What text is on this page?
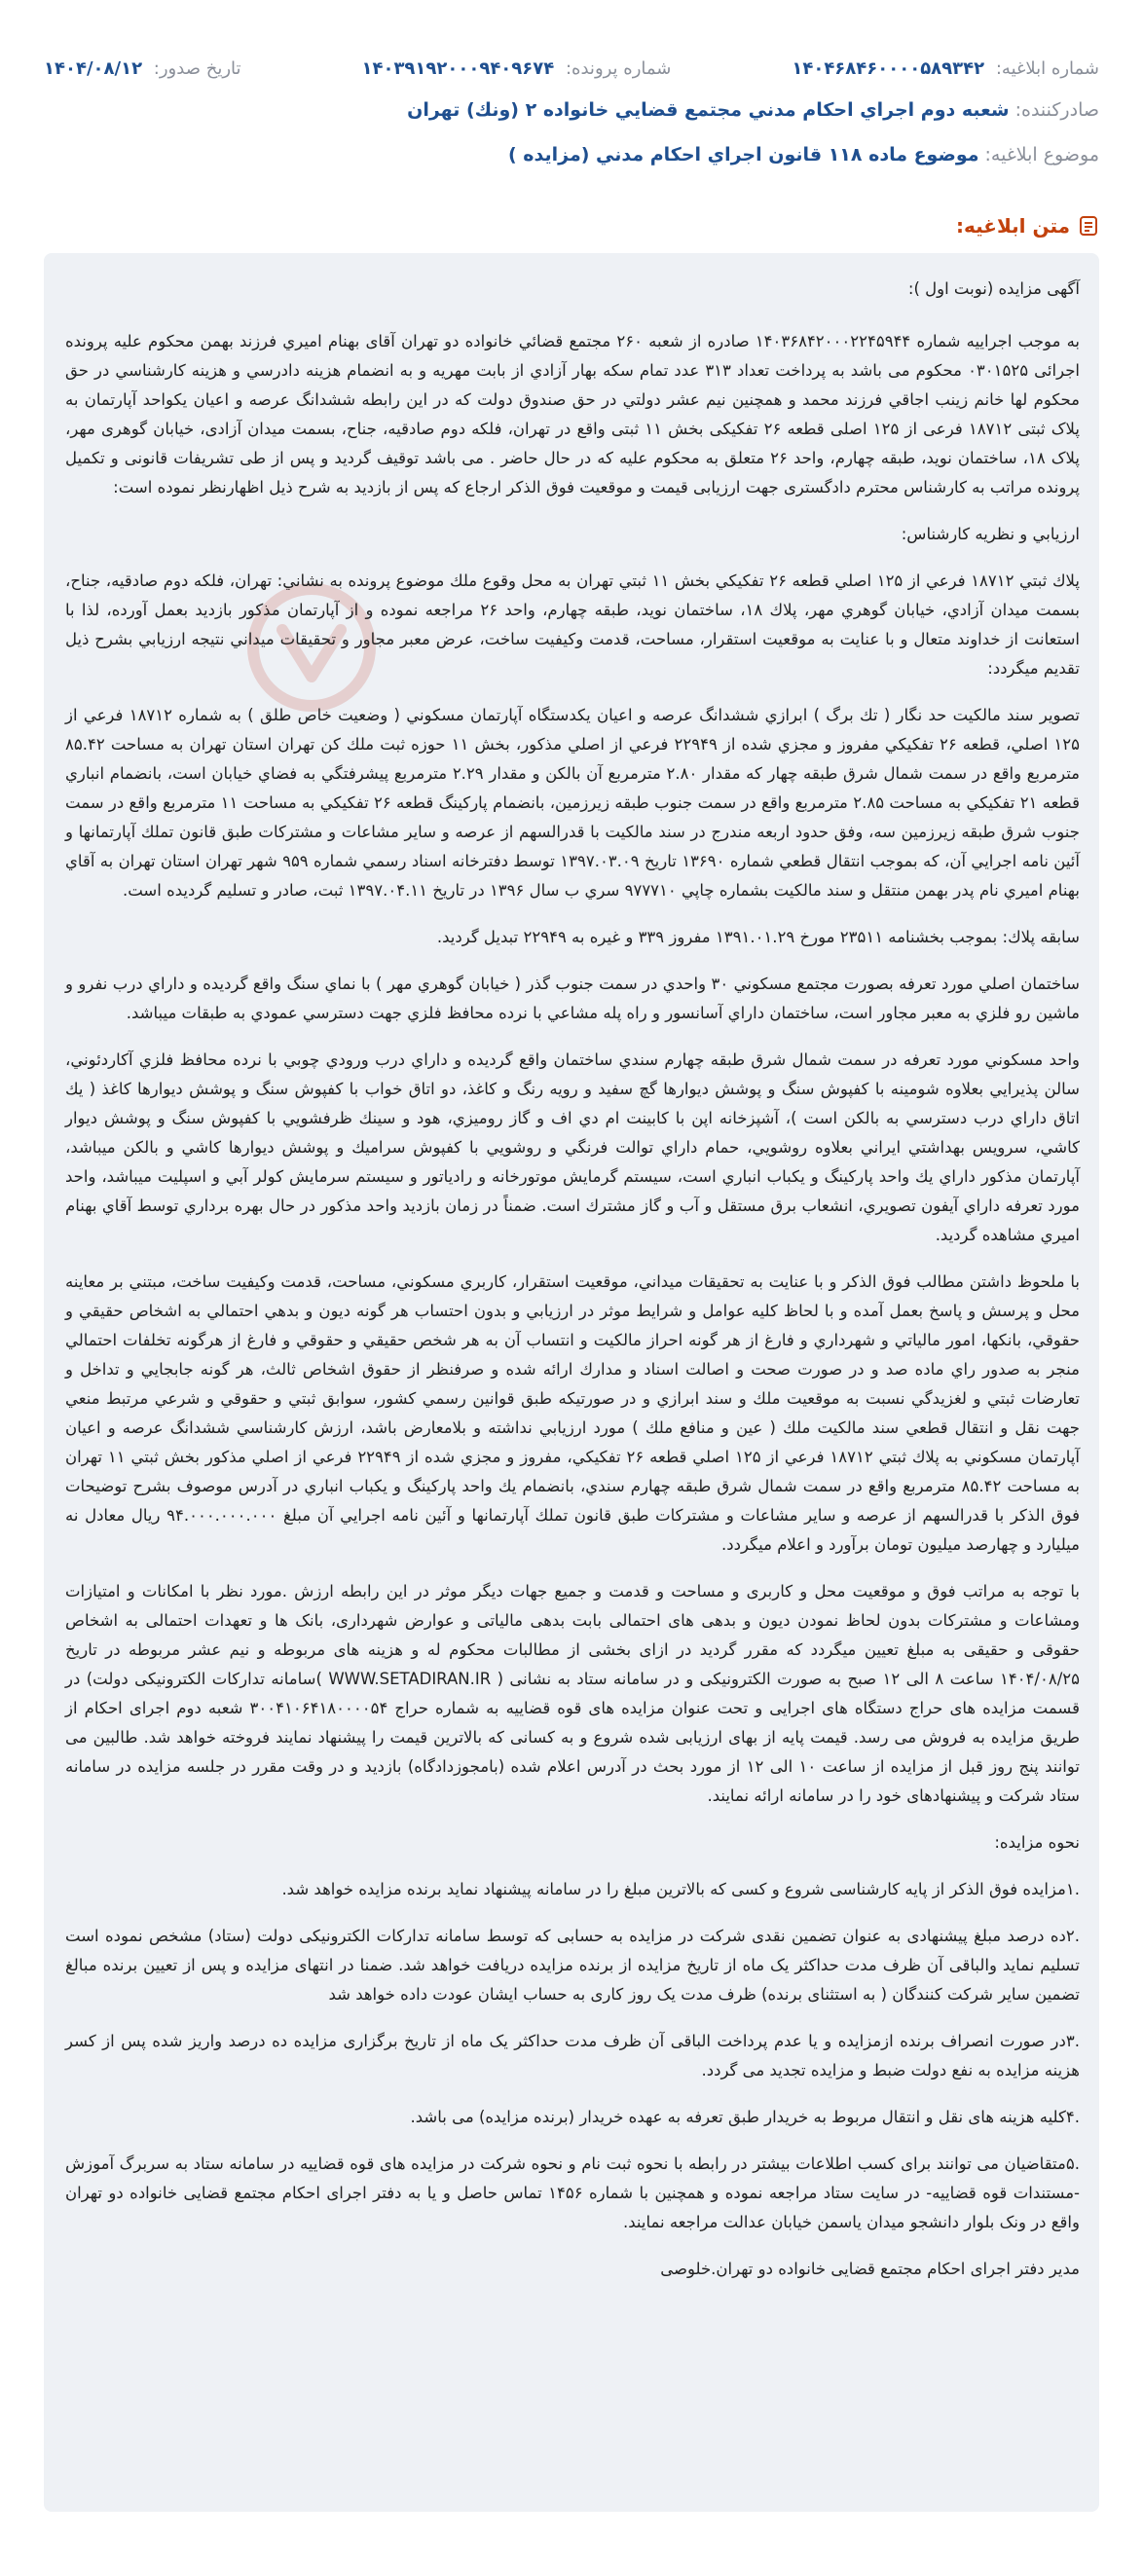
شماره ابلاغیه: ۱۴۰۴۶۸۴۶۰۰۰۰۵۸۹۳۴۲
شماره پرونده: ۱۴۰۳۹۱۹۲۰۰۰۹۴۰۹۶۷۴
تاریخ صدور: ۱۴۰۴/۰۸/۱۲
صادرکننده:
شعبه دوم اجراي احكام مدني مجتمع قضايي خانواده ۲ (ونك) تهران
موضوع ابلاغیه:
موضوع ماده ۱۱۸ قانون اجراي احكام مدني (مزايده )
متن ابلاغیه:

آگهی مزایده (نوبت اول ):

به موجب اجراییه شماره ۱۴۰۳۶۸۴۲۰۰۰۲۲۴۵۹۴۴ صادره از شعبه ۲۶۰ مجتمع قضائي خانواده دو تهران آقای بهنام امیري فرزند بهمن محکوم علیه پرونده اجرائی ۰۳۰۱۵۲۵ محکوم می باشد به پرداخت تعداد ۳۱۳ عدد تمام سکه بهار آزادي از بابت مهريه و به انضمام هزينه دادرسي و هزينه كارشناسي در حق محكوم لها خانم زينب اجاقي فرزند محمد و همچنين نيم عشر دولتي در حق صندوق دولت كه در اين رابطه ششدانگ عرصه و اعیان یکواحد آپارتمان به پلاک ثبتی ۱۸۷۱۲ فرعی از ۱۲۵ اصلی قطعه ۲۶ تفکیکی بخش ۱۱ ثبتی واقع در تهران، فلکه دوم صادقیه، جناح، بسمت میدان آزادی، خیابان گوهری مهر، پلاک ۱۸، ساختمان نوید، طبقه چهارم، واحد ۲۶ متعلق به محکوم علیه که در حال حاضر . می باشد توقیف گردید و پس از طی تشریفات قانونی و تکمیل پرونده مراتب به کارشناس محترم دادگستری جهت ارزیابی قیمت و موقعیت فوق الذکر ارجاع که پس از بازدید به شرح ذیل اظهارنظر نموده است:

ارزيابي و نظريه كارشناس:

پلاك ثبتي ۱۸۷۱۲ فرعي از ۱۲۵ اصلي قطعه ۲۶ تفكيكي بخش ۱۱ ثبتي تهران به محل وقوع ملك موضوع پرونده به نشاني: تهران، فلكه دوم صادقيه، جناح، بسمت ميدان آزادي، خيابان گوهري مهر، پلاك ۱۸، ساختمان نويد، طبقه چهارم، واحد ۲۶ مراجعه نموده و از آپارتمان مذكور بازديد بعمل آورده، لذا با استعانت از خداوند متعال و با عنايت به موقعيت استقرار، مساحت، قدمت وكيفيت ساخت، عرض معبر مجاور و تحقيقات ميداني نتيجه ارزيابي بشرح ذيل تقديم ميگردد:

تصوير سند مالكيت حد نگار ( تك برگ ) ابرازي ششدانگ عرصه و اعيان يكدستگاه آپارتمان مسكوني ( وضعيت خاص طلق ) به شماره ۱۸۷۱۲ فرعي از ۱۲۵ اصلي، قطعه ۲۶ تفكيكي مفروز و مجزي شده از ۲۲۹۴۹ فرعي از اصلي مذكور، بخش ۱۱ حوزه ثبت ملك كن تهران استان تهران به مساحت ۸۵.۴۲ مترمربع واقع در سمت شمال شرق طبقه چهار كه مقدار ۲.۸۰ مترمربع آن بالكن و مقدار ۲.۲۹ مترمربع پيشرفتگي به فضاي خيابان است، بانضمام انباري قطعه ۲۱ تفكيكي به مساحت ۲.۸۵ مترمربع واقع در سمت جنوب طبقه زيرزمين، بانضمام پاركينگ قطعه ۲۶ تفكيكي به مساحت ۱۱ مترمربع واقع در سمت جنوب شرق طبقه زيرزمين سه، وفق حدود اربعه مندرج در سند مالكيت با قدرالسهم از عرصه و ساير مشاعات و مشتركات طبق قانون تملك آپارتمانها و آئين نامه اجرايي آن، كه بموجب انتقال قطعي شماره ۱۳۶۹۰ تاريخ ۱۳۹۷.۰۳.۰۹ توسط دفترخانه اسناد رسمي شماره ۹۵۹ شهر تهران استان تهران به آقاي بهنام اميري نام پدر بهمن منتقل و سند مالكيت بشماره چاپي ۹۷۷۷۱۰ سري ب سال ۱۳۹۶ در تاريخ ۱۳۹۷.۰۴.۱۱ ثبت، صادر و تسليم گرديده است.

سابقه پلاك: بموجب بخشنامه ۲۳۵۱۱ مورخ ۱۳۹۱.۰۱.۲۹ مفروز ۳۳۹ و غيره به ۲۲۹۴۹ تبديل گرديد.

ساختمان اصلي مورد تعرفه بصورت مجتمع مسكوني ۳۰ واحدي در سمت جنوب گذر ( خيابان گوهري مهر ) با نماي سنگ واقع گرديده و داراي درب نفرو و ماشين رو فلزي به معبر مجاور است، ساختمان داراي آسانسور و راه پله مشاعي با نرده محافظ فلزي جهت دسترسي عمودي به طبقات ميباشد.

واحد مسكوني مورد تعرفه در سمت شمال شرق طبقه چهارم سندي ساختمان واقع گرديده و داراي درب ورودي چوبي با نرده محافظ فلزي آكاردئوني، سالن پذيرايي بعلاوه شومينه با كفپوش سنگ و پوشش ديوارها گچ سفيد و رويه رنگ و كاغذ، دو اتاق خواب با كفپوش سنگ و پوشش ديوارها كاغذ ( يك اتاق داراي درب دسترسي به بالكن است )، آشپزخانه اپن با كابينت ام دي اف و گاز روميزي، هود و سينك ظرفشويي با كفپوش سنگ و پوشش ديوار كاشي، سرويس بهداشتي ايراني بعلاوه روشويي، حمام داراي توالت فرنگي و روشويي با كفپوش سراميك و پوشش ديوارها كاشي و بالكن ميباشد، آپارتمان مذكور داراي يك واحد پاركينگ و يكباب انباري است، سيستم گرمايش موتورخانه و رادياتور و سيستم سرمايش كولر آبي و اسپليت ميباشد، واحد مورد تعرفه داراي آيفون تصويري، انشعاب برق مستقل و آب و گاز مشترك است. ضمناً در زمان بازديد واحد مذكور در حال بهره برداري توسط آقاي بهنام اميري مشاهده گرديد.

با ملحوظ داشتن مطالب فوق الذكر و با عنايت به تحقيقات ميداني، موقعيت استقرار، كاربري مسكوني، مساحت، قدمت وكيفيت ساخت، مبتني بر معاينه محل و پرسش و پاسخ بعمل آمده و با لحاظ كليه عوامل و شرايط موثر در ارزيابي و بدون احتساب هر گونه ديون و بدهي احتمالي به اشخاص حقيقي و حقوقي، بانكها، امور مالياتي و شهرداري و فارغ از هر گونه احراز مالكيت و انتساب آن به هر شخص حقيقي و حقوقي و فارغ از هرگونه تخلفات احتمالي منجر به صدور راي ماده صد و در صورت صحت و اصالت اسناد و مدارك ارائه شده و صرفنظر از حقوق اشخاص ثالث، هر گونه جابجايي و تداخل و تعارضات ثبتي و لغزيدگي نسبت به موقعيت ملك و سند ابرازي و در صورتيكه طبق قوانين رسمي كشور، سوابق ثبتي و حقوقي و شرعي مرتبط منعي جهت نقل و انتقال قطعي سند مالكيت ملك ( عين و منافع ملك ) مورد ارزيابي نداشته و بلامعارض باشد، ارزش كارشناسي ششدانگ عرصه و اعيان آپارتمان مسكوني به پلاك ثبتي ۱۸۷۱۲ فرعي از ۱۲۵ اصلي قطعه ۲۶ تفكيكي، مفروز و مجزي شده از ۲۲۹۴۹ فرعي از اصلي مذكور بخش ثبتي ۱۱ تهران به مساحت ۸۵.۴۲ مترمربع واقع در سمت شمال شرق طبقه چهارم سندي، بانضمام يك واحد پاركينگ و يكباب انباري در آدرس موصوف بشرح توضيحات فوق الذكر با قدرالسهم از عرصه و ساير مشاعات و مشتركات طبق قانون تملك آپارتمانها و آئين نامه اجرايي آن مبلغ ۹۴.۰۰۰.۰۰۰.۰۰۰ ريال معادل نه ميليارد و چهارصد ميليون تومان برآورد و اعلام ميگردد.

با توجه به مراتب فوق و موقعیت محل و کاربری و مساحت و قدمت و جمیع جهات دیگر موثر در این رابطه ارزش .مورد نظر با امکانات و امتیازات ومشاعات و مشترکات بدون لحاظ نمودن دیون و بدهی های احتمالی بابت بدهی مالیاتی و عوارض شهرداری، بانک ها و تعهدات احتمالی به اشخاص حقوقی و حقیقی به مبلغ تعیین میگردد که مقرر گردید در ازای بخشی از مطالبات محکوم له و هزینه های مربوطه و نیم عشر مربوطه در تاریخ ۱۴۰۴/۰۸/۲۵ ساعت ۸ الی ۱۲ صبح به صورت الکترونیکی و در سامانه ستاد به نشانی ( WWW.SETADIRAN.IR )سامانه تدارکات الکترونیکی دولت) در قسمت مزایده های حراج دستگاه های اجرایی و تحت عنوان مزایده های قوه قضاییه به شماره حراج ۳۰۰۴۱۰۶۴۱۸۰۰۰۰۵۴ شعبه دوم اجرای احکام از طریق مزایده به فروش می رسد. قیمت پایه از بهای ارزیابی شده شروع و به کسانی که بالاترین قیمت را پیشنهاد نمایند فروخته خواهد شد. طالبین می توانند پنج روز قبل از مزایده از ساعت ۱۰ الی ۱۲ از مورد بحث در آدرس اعلام شده (بامجوزدادگاه) بازدید و در وقت مقرر در جلسه مزایده در سامانه ستاد شرکت و پیشنهادهای خود را در سامانه ارائه نمایند.

نحوه مزایده:

.۱مزایده فوق الذکر از پایه کارشناسی شروع و کسی که بالاترین مبلغ را در سامانه پیشنهاد نماید برنده مزایده خواهد شد.

.۲ده درصد مبلغ پیشنهادی به عنوان تضمین نقدی شرکت در مزایده به حسابی که توسط سامانه تدارکات الکترونیکی دولت (ستاد) مشخص نموده است تسلیم نماید والباقی آن ظرف مدت حداکثر یک ماه از تاریخ مزایده از برنده مزایده دریافت خواهد شد. ضمنا در انتهای مزایده و پس از تعیین برنده مبالغ تضمین سایر شرکت کنندگان ( به استثنای برنده) ظرف مدت یک روز کاری به حساب ایشان عودت داده خواهد شد

.۳در صورت انصراف برنده ازمزایده و یا عدم پرداخت الباقی آن ظرف مدت حداکثر یک ماه از تاریخ برگزاری مزایده ده درصد واریز شده پس از کسر هزینه مزایده به نفع دولت ضبط و مزایده تجدید می گردد.

.۴کلیه هزینه های نقل و انتقال مربوط به خریدار طبق تعرفه به عهده خریدار (برنده مزایده) می باشد.

.۵متقاضیان می توانند برای کسب اطلاعات بیشتر در رابطه با نحوه ثبت نام و نحوه شرکت در مزایده های قوه قضاییه در سامانه ستاد به سربرگ آموزش -مستندات قوه قضاییه- در سایت ستاد مراجعه نموده و همچنین با شماره ۱۴۵۶ تماس حاصل و یا به دفتر اجرای احکام مجتمع قضایی خانواده دو تهران واقع در ونک بلوار دانشجو میدان یاسمن خیابان عدالت مراجعه نمایند.

مدیر دفتر اجرای احکام مجتمع قضایی خانواده دو تهران.خلوصی
